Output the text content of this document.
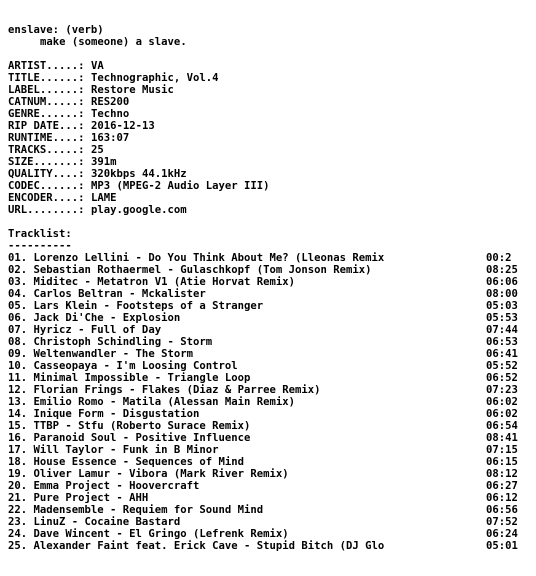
enslave: (verb)
make (someone) a slave.
ARTIST.....: VA
TITLE......: Technographic, Vol.4
LABEL......: Restore Music
CATNUM.....: RES200
GENRE......: Techno
RIP DATE...: 2016-12-13
RUNTIME....: 163:07
TRACKS.....: 25
SIZE.......: 391m
QUALITY....: 320kbps 44.1kHz
CODEC......: MP3 (MPEG-2 Audio Layer III)
ENCODER....: LAME
URL........: play.google.com
Tracklist:
----------
01. Lorenzo Lellini - Do You Think About Me? (Lleonas Remix	00:2
02. Sebastian Rothaermel - Gulaschkopf (Tom Jonson Remix)	08:25
03. Miditec - Metatron V1 (Atie Horvat Remix)	06:06
04. Carlos Beltran - Mckalister	08:00
05. Lars Klein - Footsteps of a Stranger	05:03
06. Jack Di'Che - Explosion	05:53
07. Hyricz - Full of Day	07:44
08. Christoph Schindling - Storm	06:53
09. Weltenwandler - The Storm	06:41
10. Casseopaya - I'm Loosing Control	05:52
11. Minimal Impossible - Triangle Loop	06:52
12. Florian Frings - Flakes (Diaz & Parree Remix)	07:23
13. Emilio Romo - Matila (Alessan Main Remix)	06:02
14. Inique Form - Disgustation	06:02
15. TTBP - Stfu (Roberto Surace Remix)	06:54
16. Paranoid Soul - Positive Influence	08:41
17. Will Taylor - Funk in B Minor	07:15
18. House Essence - Sequences of Mind	06:15
19. Oliver Lamur - Vibora (Mark River Remix)	08:12
20. Emma Project - Hoovercraft	06:27
21. Pure Project - AHH	06:12
22. Madensemble - Requiem for Sound Mind	06:56
23. LinuZ - Cocaine Bastard	07:52
24. Dave Wincent - El Gringo (Lefrenk Remix)	06:24
25. Alexander Faint feat. Erick Cave - Stupid Bitch (DJ Glo	05:01
